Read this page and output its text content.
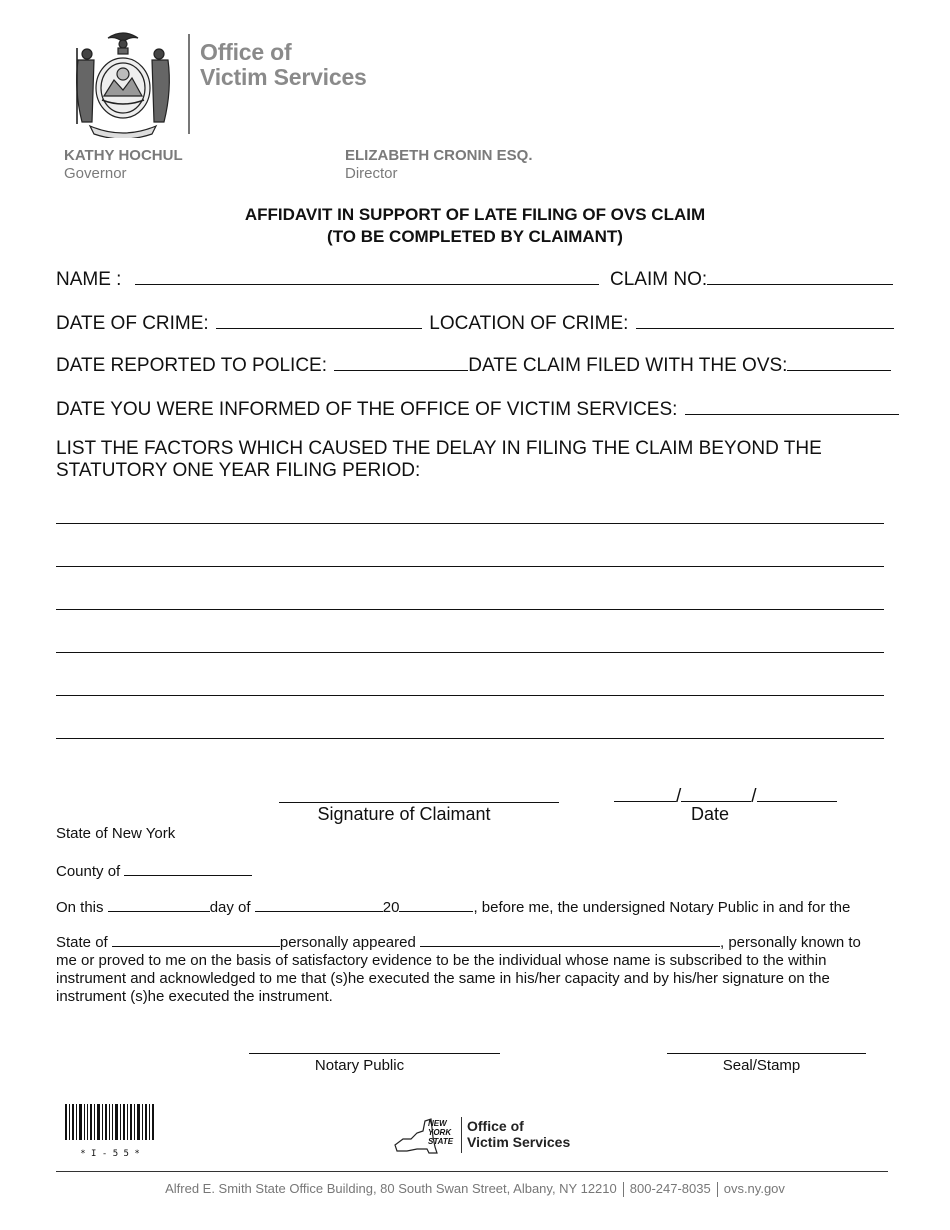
Office of
Victim Services
KATHY HOCHUL
Governor
ELIZABETH CRONIN ESQ.
Director
AFFIDAVIT IN SUPPORT OF LATE FILING OF OVS CLAIM
(TO BE COMPLETED BY CLAIMANT)
NAME :	CLAIM NO:
DATE OF CRIME:	LOCATION OF CRIME:
DATE REPORTED TO POLICE:	DATE CLAIM FILED WITH THE OVS:
DATE YOU WERE INFORMED OF THE OFFICE OF VICTIM SERVICES:
LIST THE FACTORS WHICH CAUSED THE DELAY IN FILING THE CLAIM BEYOND THE
STATUTORY ONE YEAR FILING PERIOD:
Signature of Claimant
/	/
Date
State of New York
County of
On this	day of	20	, before me, the undersigned Notary Public in and for the
State of	personally appeared	, personally known to
me or proved to me on the basis of satisfactory evidence to be the individual whose name is subscribed to the within instrument and acknowledged to me that (s)he executed the same in his/her capacity and by his/her signature on the instrument (s)he executed the instrument.
Notary Public	Seal/Stamp
* I - 5 5 *
NEW
YORK
STATE
Office of
Victim Services
Alfred E. Smith State Office Building, 80 South Swan Street, Albany, NY 12210 800-247-8035 ovs.ny.gov
